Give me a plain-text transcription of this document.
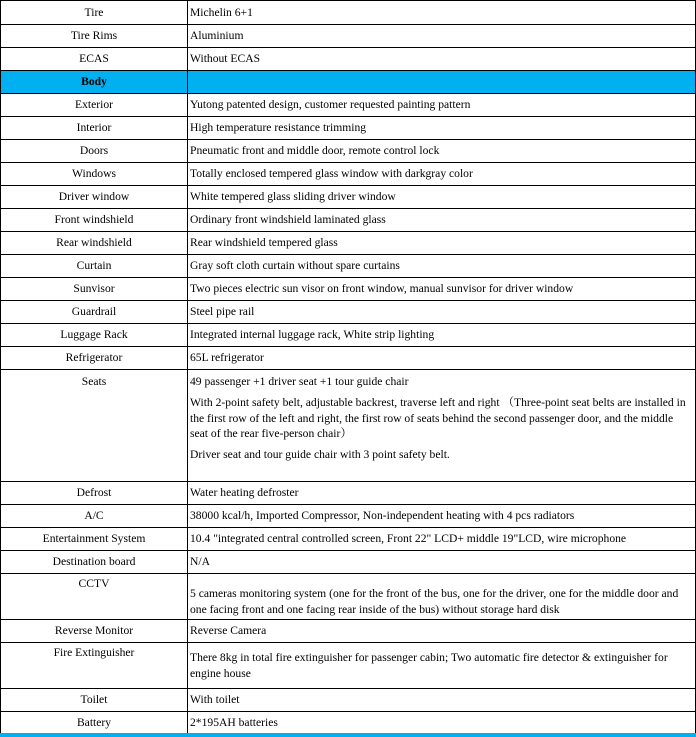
Tire	Michelin 6+1
Tire Rims	Aluminium
ECAS	Without ECAS
Body	
Exterior	Yutong patented design, customer requested painting pattern
Interior	High temperature resistance trimming
Doors	Pneumatic front and middle door, remote control lock
Windows	Totally enclosed tempered glass window with darkgray color
Driver window	White tempered glass sliding driver window
Front windshield	Ordinary front windshield laminated glass
Rear windshield	Rear windshield tempered glass
Curtain	Gray soft cloth curtain without spare curtains
Sunvisor	Two pieces electric sun visor on front window, manual sunvisor for driver window
Guardrail	Steel pipe rail
Luggage Rack	Integrated internal luggage rack, White strip lighting
Refrigerator	65L refrigerator
Seats	49 passenger +1 driver seat +1 tour guide chair

With 2-point safety belt, adjustable backrest, traverse left and right （Three-point seat belts are installed in the first row of the left and right, the first row of seats behind the second passenger door, and the middle seat of the rear five-person chair）

Driver seat and tour guide chair with 3 point safety belt.

Defrost	Water heating defroster
A/C	38000 kcal/h, Imported Compressor, Non-independent heating with 4 pcs radiators
Entertainment System	10.4 "integrated central controlled screen, Front 22" LCD+ middle 19"LCD, wire microphone
Destination board	N/A
CCTV	5 cameras monitoring system (one for the front of the bus, one for the driver, one for the middle door and one facing front and one facing rear inside of the bus) without storage hard disk
Reverse Monitor	Reverse Camera
Fire Extinguisher	There 8kg in total fire extinguisher for passenger cabin; Two automatic fire detector & extinguisher for engine house
Toilet	With toilet
Battery	2*195AH batteries
